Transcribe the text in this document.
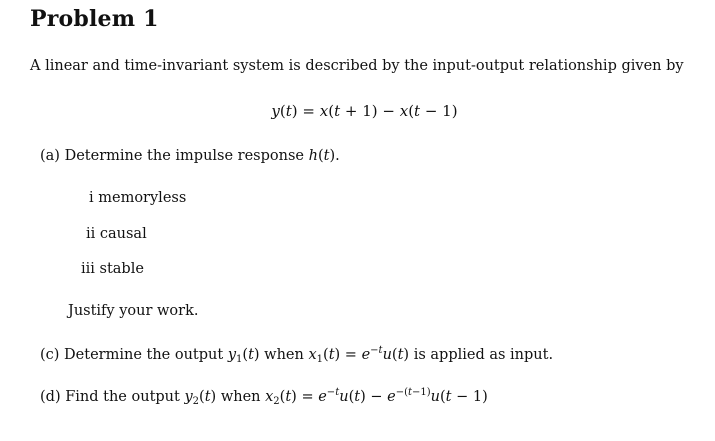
Problem 1
A linear and time-invariant system is described by the input-output relationship given by
y(t) = x(t + 1) − x(t − 1)
(a) Determine the impulse response h(t).
i memoryless
ii causal
iii stable
Justify your work.
(c) Determine the output $y_1(t)$ when $x_1(t) = e^{-t}u(t)$ is applied as input.
(d) Find the output $y_2(t)$ when $x_2(t) = e^{-t}u(t) - e^{-(t-1)}u(t - 1)$
